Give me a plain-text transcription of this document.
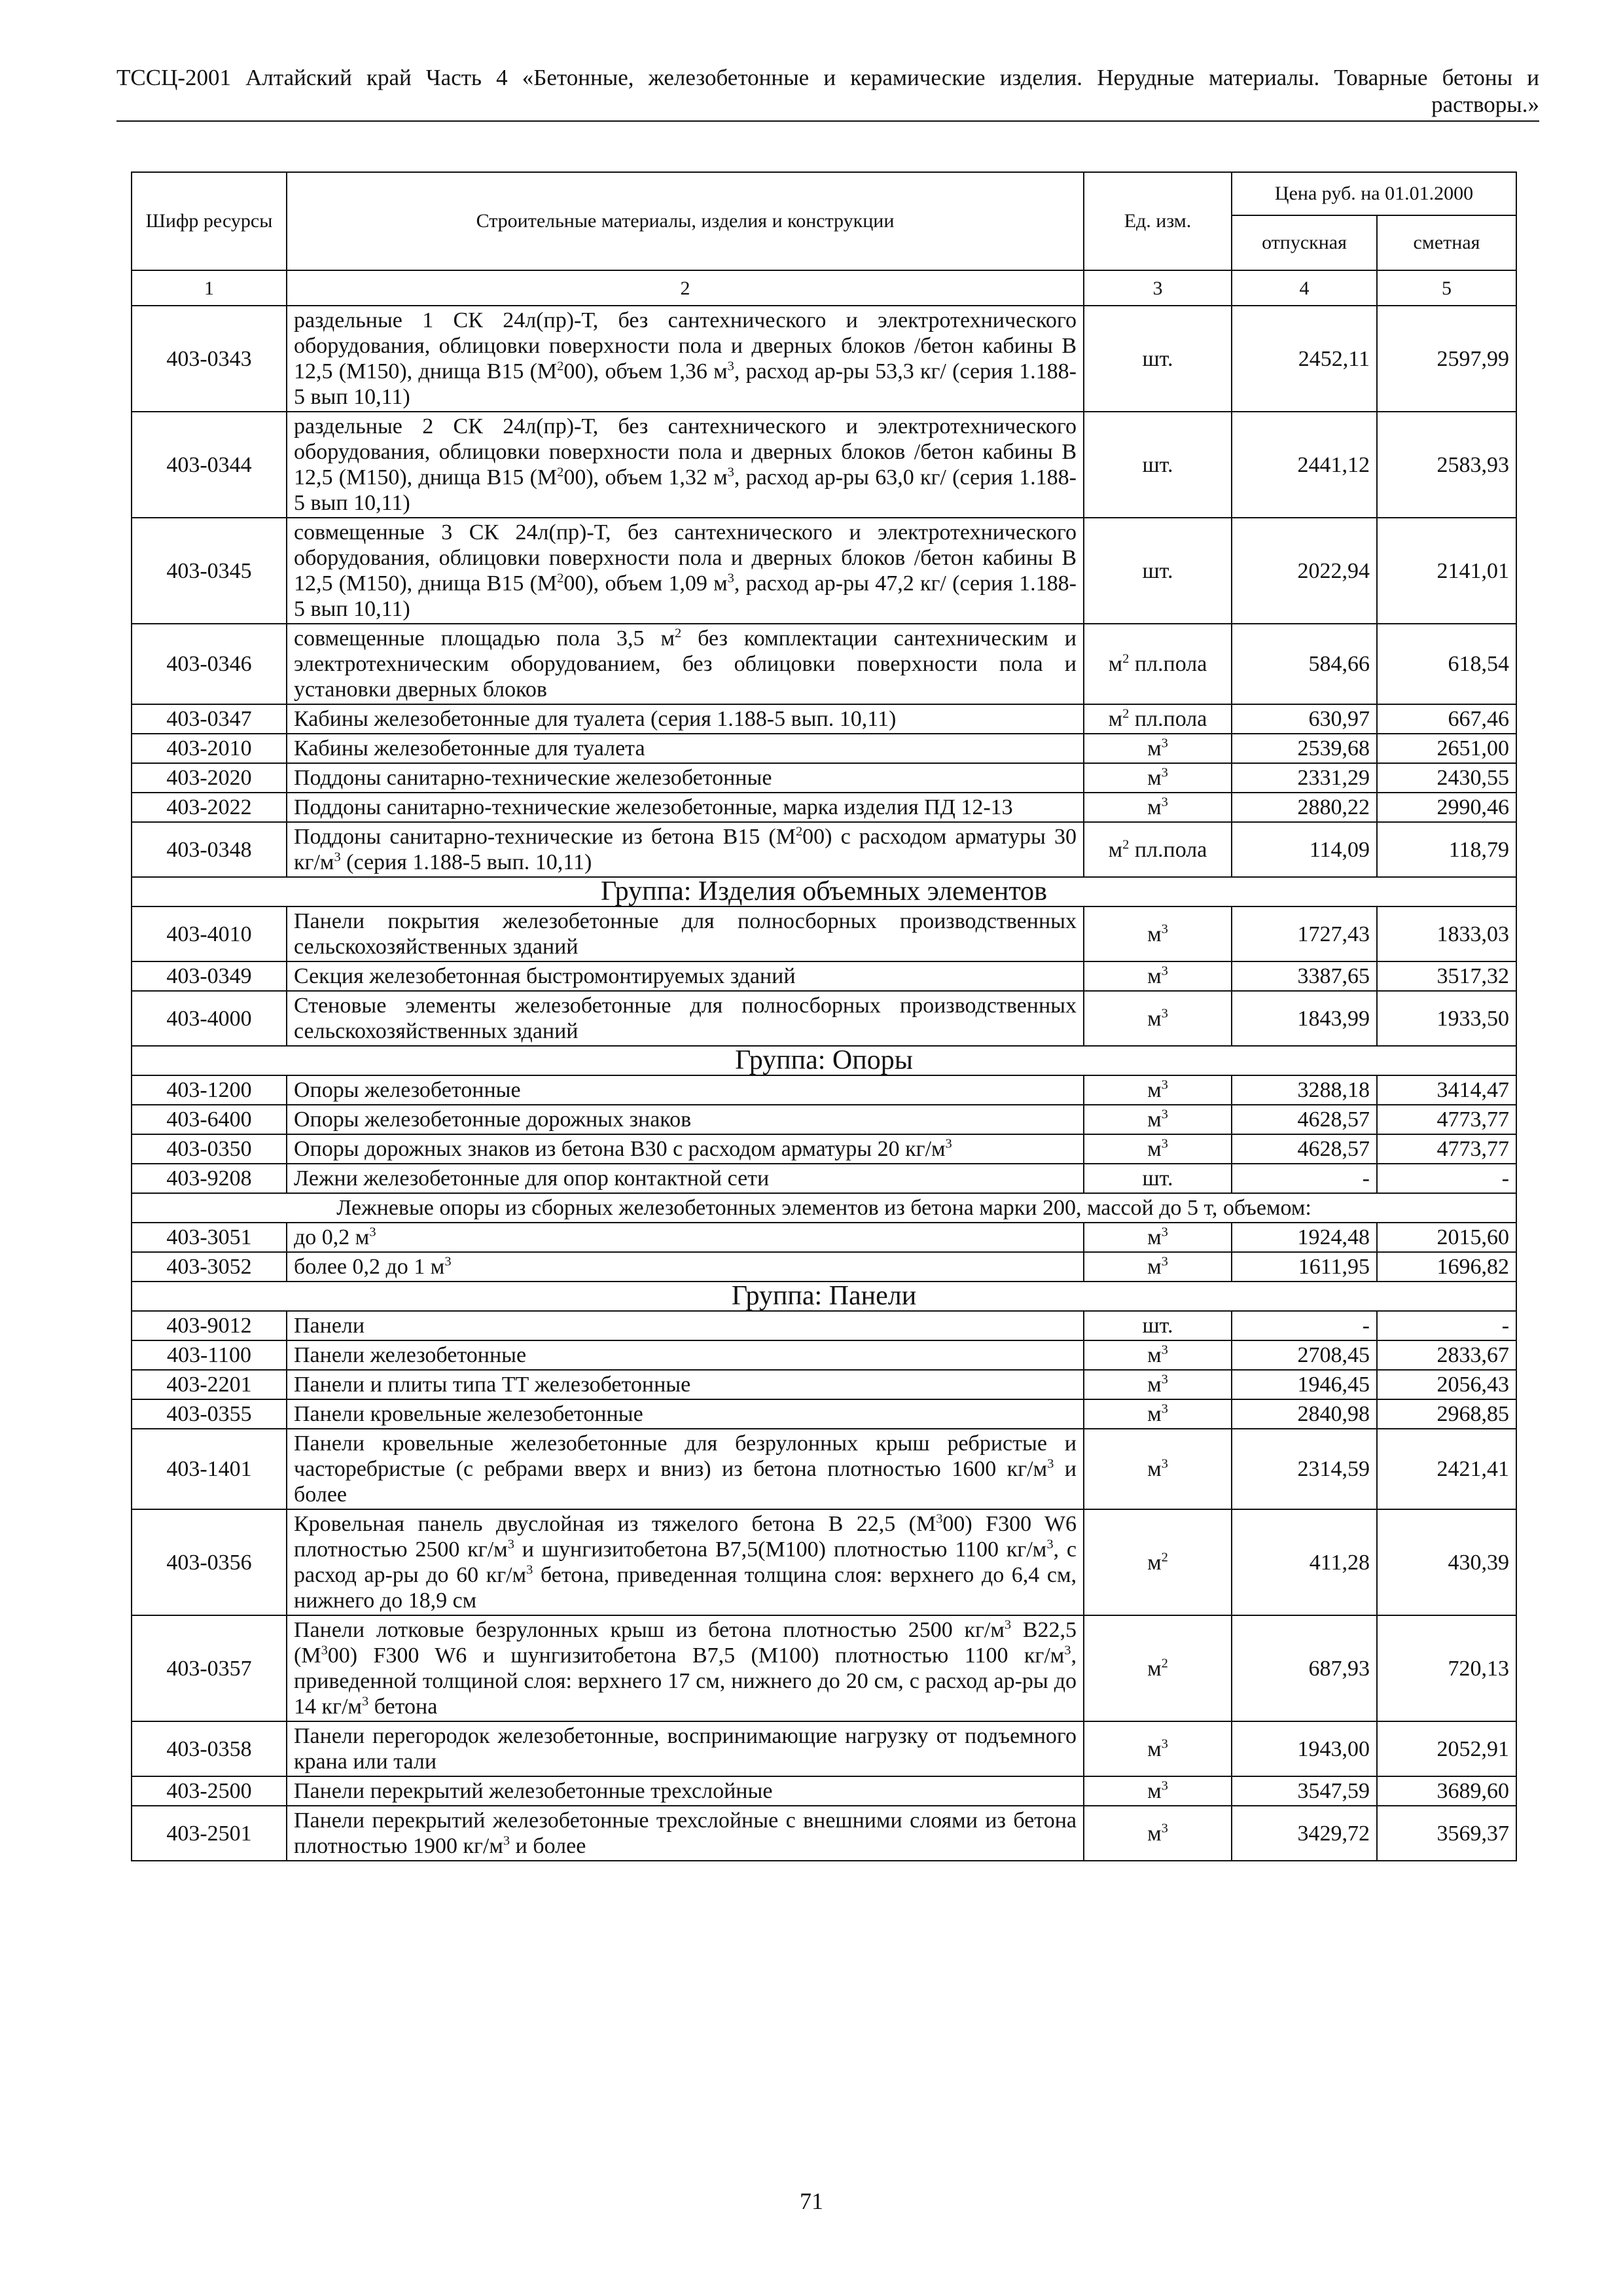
ТССЦ-2001 Алтайский край Часть 4 «Бетонные, железобетонные и керамические изделия. Нерудные материалы. Товарные бетоны и
растворы.»
Шифр ресурсы	Строительные материалы, изделия и конструкции	Ед. изм.	Цена руб. на 01.01.2000	
			отпускная	сметная
1	2	3	4	5
403-0343	раздельные 1 СК 24л(пр)-Т, без сантехнического и электротехнического оборудования, облицовки поверхности пола и дверных блоков /бетон кабины В 12,5 (М150), днища В15 $(М^200)$, объем 1,36 $м^3$, расход ар-ры 53,3 кг/ (серия 1.188-5 вып 10,11)	шт.	2452,11	2597,99
403-0344	раздельные 2 СК 24л(пр)-Т, без сантехнического и электротехнического оборудования, облицовки поверхности пола и дверных блоков /бетон кабины В 12,5 (М150), днища В15 $(М^200)$, объем 1,32 $м^3$, расход ар-ры 63,0 кг/ (серия 1.188-5 вып 10,11)	шт.	2441,12	2583,93
403-0345	совмещенные 3 СК 24л(пр)-Т, без сантехнического и электротехнического оборудования, облицовки поверхности пола и дверных блоков /бетон кабины В 12,5 (М150), днища В15 $(М^200)$, объем 1,09 $м^3$, расход ар-ры 47,2 кг/ (серия 1.188-5 вып 10,11)	шт.	2022,94	2141,01
403-0346	совмещенные площадью пола 3,5 $м^2$ без комплектации сантехническим и электротехническим оборудованием, без облицовки поверхности пола и установки дверных блоков	$м^2$ пл.пола	584,66	618,54
403-0347	Кабины железобетонные для туалета (серия 1.188-5 вып. 10,11)	$м^2$ пл.пола	630,97	667,46
403-2010	Кабины железобетонные для туалета	$м^3$	2539,68	2651,00
403-2020	Поддоны санитарно-технические железобетонные	$м^3$	2331,29	2430,55
403-2022	Поддоны санитарно-технические железобетонные, марка изделия ПД 12-13	$м^3$	2880,22	2990,46
403-0348	Поддоны санитарно-технические из бетона В15 $(М^200)$ с расходом арматуры 30 $кг/м^3$ (серия 1.188-5 вып. 10,11)	$м^2$ пл.пола	114,09	118,79
Группа: Изделия объемных элементов				
403-4010	Панели покрытия железобетонные для полносборных производственных сельскохозяйственных зданий	$м^3$	1727,43	1833,03
403-0349	Секция железобетонная быстромонтируемых зданий	$м^3$	3387,65	3517,32
403-4000	Стеновые элементы железобетонные для полносборных производственных сельскохозяйственных зданий	$м^3$	1843,99	1933,50
Группа: Опоры				
403-1200	Опоры железобетонные	$м^3$	3288,18	3414,47
403-6400	Опоры железобетонные дорожных знаков	$м^3$	4628,57	4773,77
403-0350	Опоры дорожных знаков из бетона В30 с расходом арматуры 20 $кг/м^3$	$м^3$	4628,57	4773,77
403-9208	Лежни железобетонные для опор контактной сети	шт.	-	-
Лежневые опоры из сборных железобетонных элементов из бетона марки 200, массой до 5 т, объемом:				
403-3051	до 0,2 $м^3$	$м^3$	1924,48	2015,60
403-3052	более 0,2 до 1 $м^3$	$м^3$	1611,95	1696,82
Группа: Панели				
403-9012	Панели	шт.	-	-
403-1100	Панели железобетонные	$м^3$	2708,45	2833,67
403-2201	Панели и плиты типа ТТ железобетонные	$м^3$	1946,45	2056,43
403-0355	Панели кровельные железобетонные	$м^3$	2840,98	2968,85
403-1401	Панели кровельные железобетонные для безрулонных крыш ребристые и часторебристые (с ребрами вверх и вниз) из бетона плотностью 1600 $кг/м^3$ и более	$м^3$	2314,59	2421,41
403-0356	Кровельная панель двуслойная из тяжелого бетона В 22,5 $(М^300)$ F300 W6 плотностью 2500 $кг/м^3$ и шунгизитобетона В7,5(М100) плотностью 1100 $кг/м^3$, с расход ар-ры до 60 $кг/м^3$ бетона, приведенная толщина слоя: верхнего до 6,4 см, нижнего до 18,9 см	$м^2$	411,28	430,39
403-0357	Панели лотковые безрулонных крыш из бетона плотностью 2500 $кг/м^3$ В22,5 $(М^300)$ F300 W6 и шунгизитобетона В7,5 (М100) плотностью 1100 $кг/м^3$, приведенной толщиной слоя: верхнего 17 см, нижнего до 20 см, с расход ар-ры до 14 $кг/м^3$ бетона	$м^2$	687,93	720,13
403-0358	Панели перегородок железобетонные, воспринимающие нагрузку от подъемного крана или тали	$м^3$	1943,00	2052,91
403-2500	Панели перекрытий железобетонные трехслойные	$м^3$	3547,59	3689,60
403-2501	Панели перекрытий железобетонные трехслойные с внешними слоями из бетона плотностью 1900 $кг/м^3$ и более	$м^3$	3429,72	3569,37
71
